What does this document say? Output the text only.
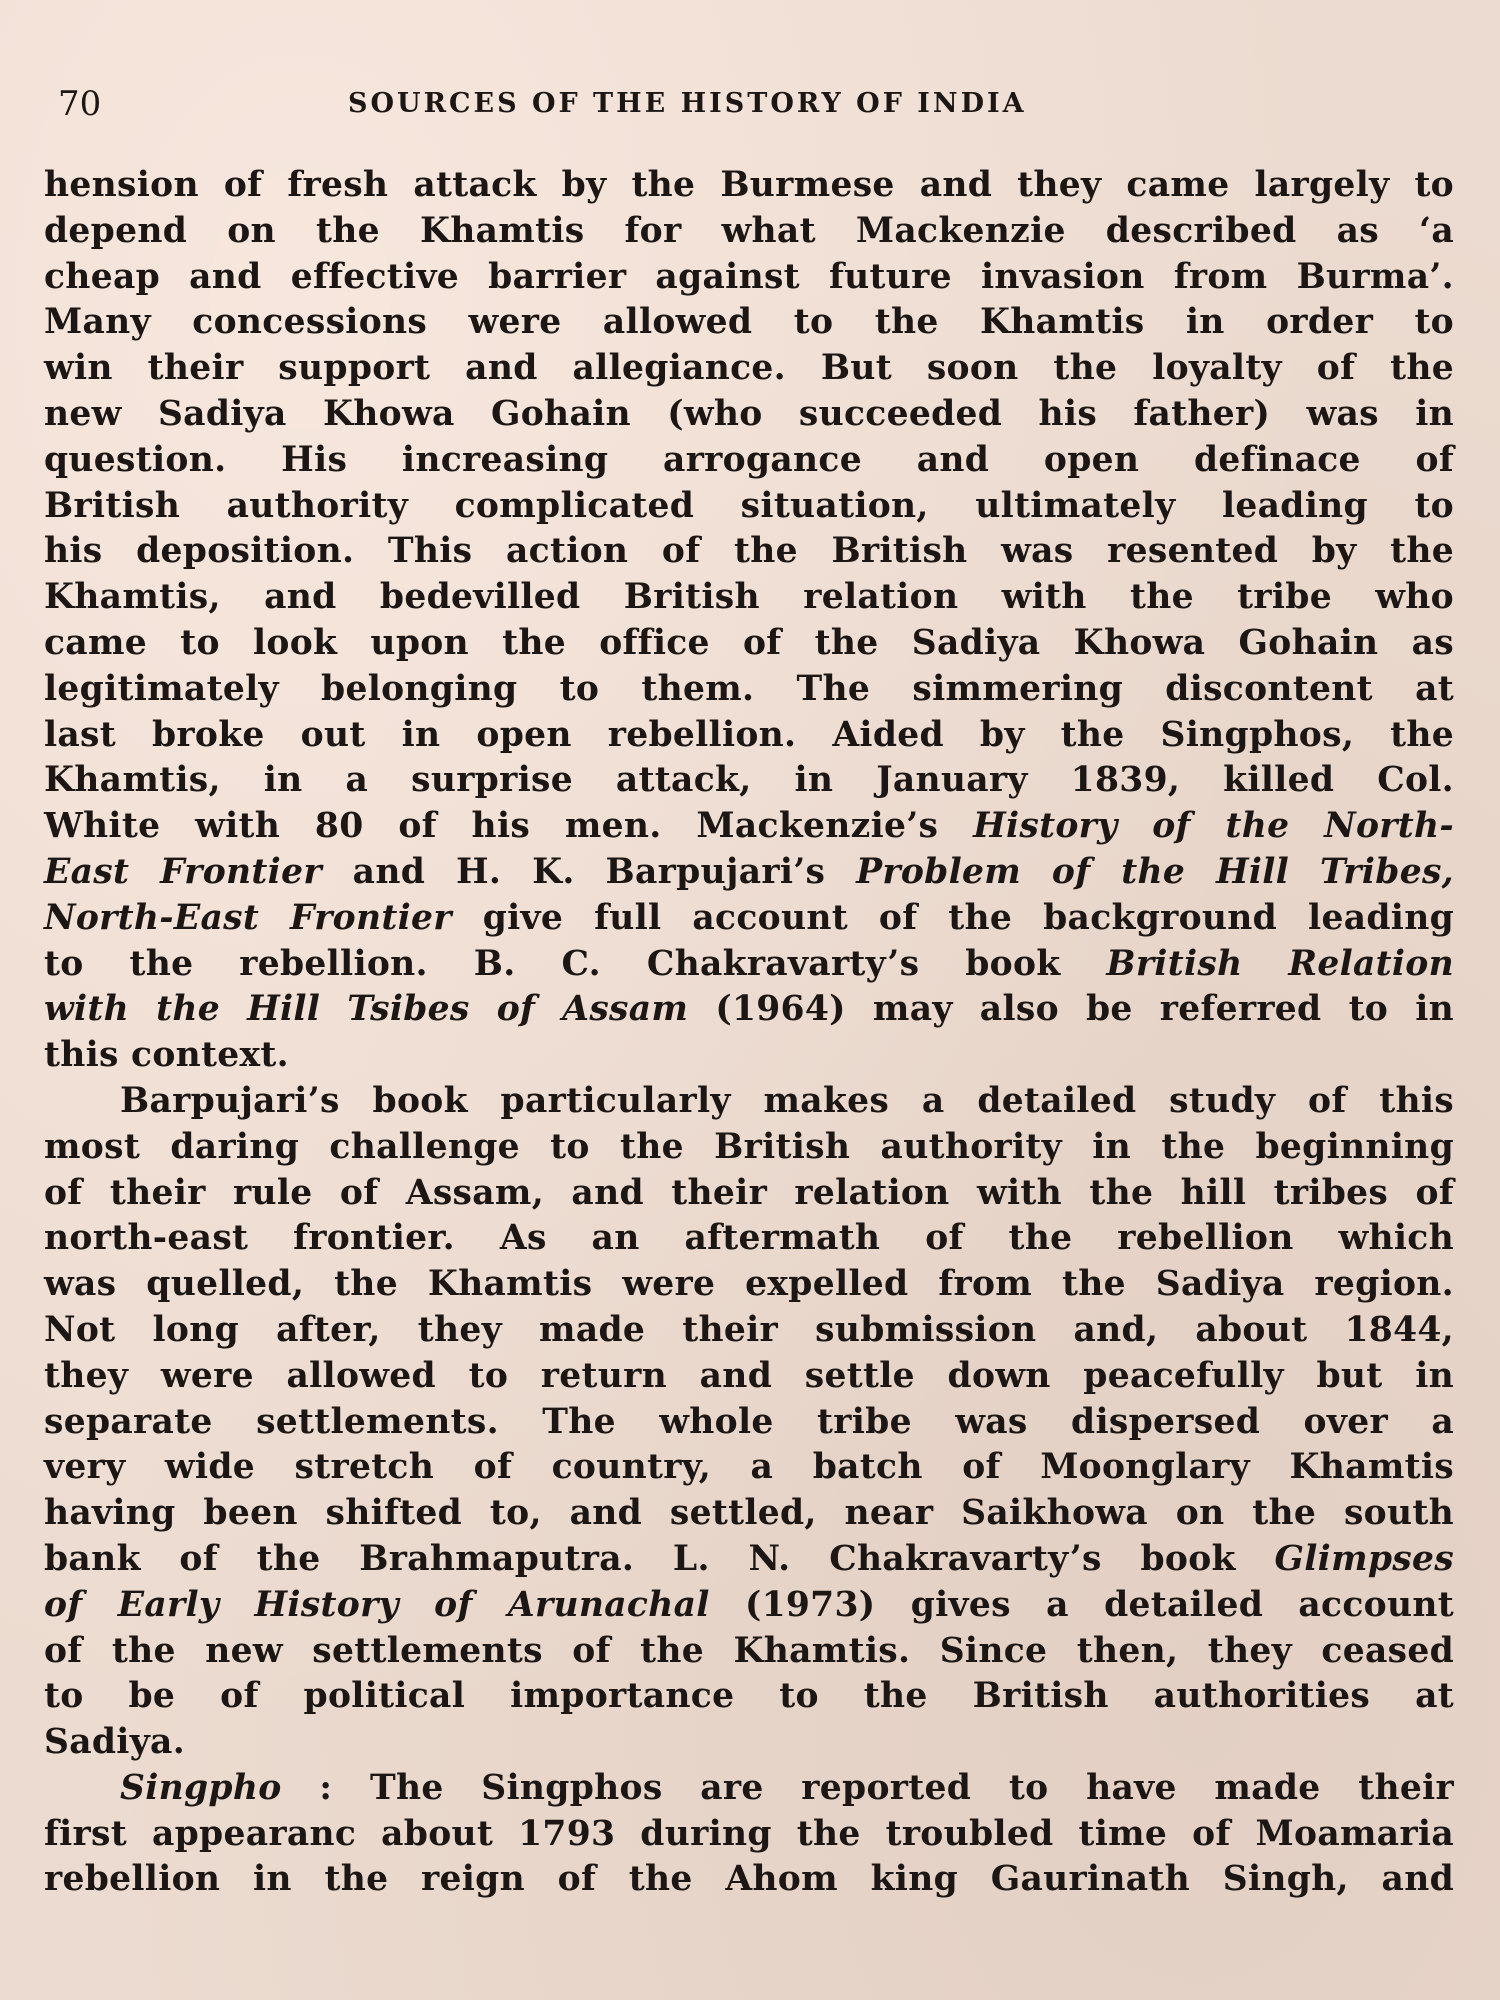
70	SOURCES OF THE HISTORY OF INDIA
hension of fresh attack by the Burmese and they came largely to
depend on the Khamtis for what Mackenzie described as ‘a
cheap and effective barrier against future invasion from Burma’.
Many concessions were allowed to the Khamtis in order to
win their support and allegiance. But soon the loyalty of the
new Sadiya Khowa Gohain (who succeeded his father) was in
question. His increasing arrogance and open definace of
British authority complicated situation, ultimately leading to
his deposition. This action of the British was resented by the
Khamtis, and bedevilled British relation with the tribe who
came to look upon the office of the Sadiya Khowa Gohain as
legitimately belonging to them. The simmering discontent at
last broke out in open rebellion. Aided by the Singphos, the
Khamtis, in a surprise attack, in January 1839, killed Col.
White with 80 of his men. Mackenzie’s History of the North-
East Frontier and H. K. Barpujari’s Problem of the Hill Tribes,
North-East Frontier give full account of the background leading
to the rebellion. B. C. Chakravarty’s book British Relation
with the Hill Tsibes of Assam (1964) may also be referred to in
this context.
Barpujari’s book particularly makes a detailed study of this
most daring challenge to the British authority in the beginning
of their rule of Assam, and their relation with the hill tribes of
north-east frontier. As an aftermath of the rebellion which
was quelled, the Khamtis were expelled from the Sadiya region.
Not long after, they made their submission and, about 1844,
they were allowed to return and settle down peacefully but in
separate settlements. The whole tribe was dispersed over a
very wide stretch of country, a batch of Moonglary Khamtis
having been shifted to, and settled, near Saikhowa on the south
bank of the Brahmaputra. L. N. Chakravarty’s book Glimpses
of Early History of Arunachal (1973) gives a detailed account
of the new settlements of the Khamtis. Since then, they ceased
to be of political importance to the British authorities at
Sadiya.
Singpho : The Singphos are reported to have made their
first appearanc about 1793 during the troubled time of Moamaria
rebellion in the reign of the Ahom king Gaurinath Singh, and
